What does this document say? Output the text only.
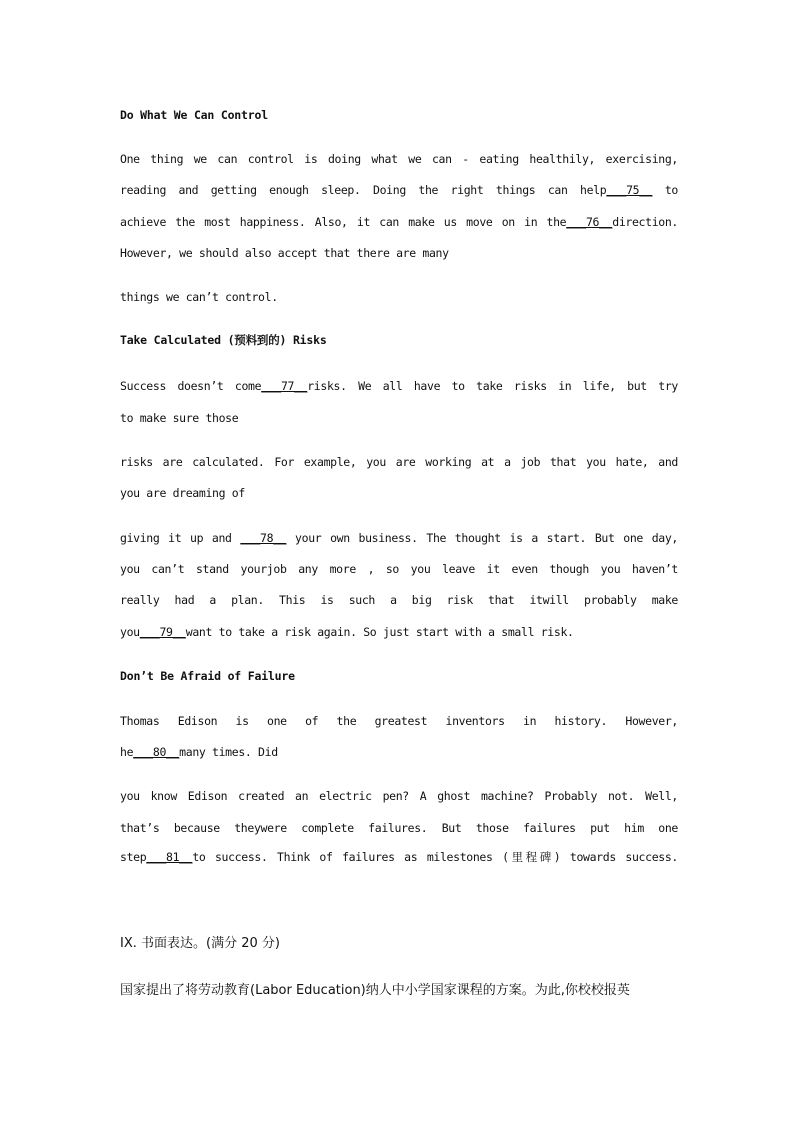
Do What We Can Control
One thing we can control is doing what we can - eating healthily, exercising,
reading and getting enough sleep. Doing the right things can help___75__ to
achieve the most happiness. Also, it can make us move on in the___76__direction.
However, we should also accept that there are many
things we can’t control.
Take Calculated (预料到的) Risks
Success doesn’t come___77__risks. We all have to take risks in life, but try
to make sure those
risks are calculated. For example, you are working at a job that you hate, and
you are dreaming of
giving it up and ___78__ your own business. The thought is a start. But one day,
you can’t stand yourjob any more , so you leave it even though you haven’t
really had a plan. This is such a big risk that itwill probably make
you___79__want to take a risk again. So just start with a small risk.
Don’t Be Afraid of Failure
Thomas Edison is one of the greatest inventors in history. However,
he___80__many times. Did
you know Edison created an electric pen? A ghost machine? Probably not. Well,
that’s because theywere complete failures. But those failures put him one
step___81__to success. Think of failures as milestones (里程碑) towards success.
IX. 书面表达。(满分 20 分)
国家提出了将劳动教育(Labor Education)纳人中小学国家课程的方案。为此,你校校报英
